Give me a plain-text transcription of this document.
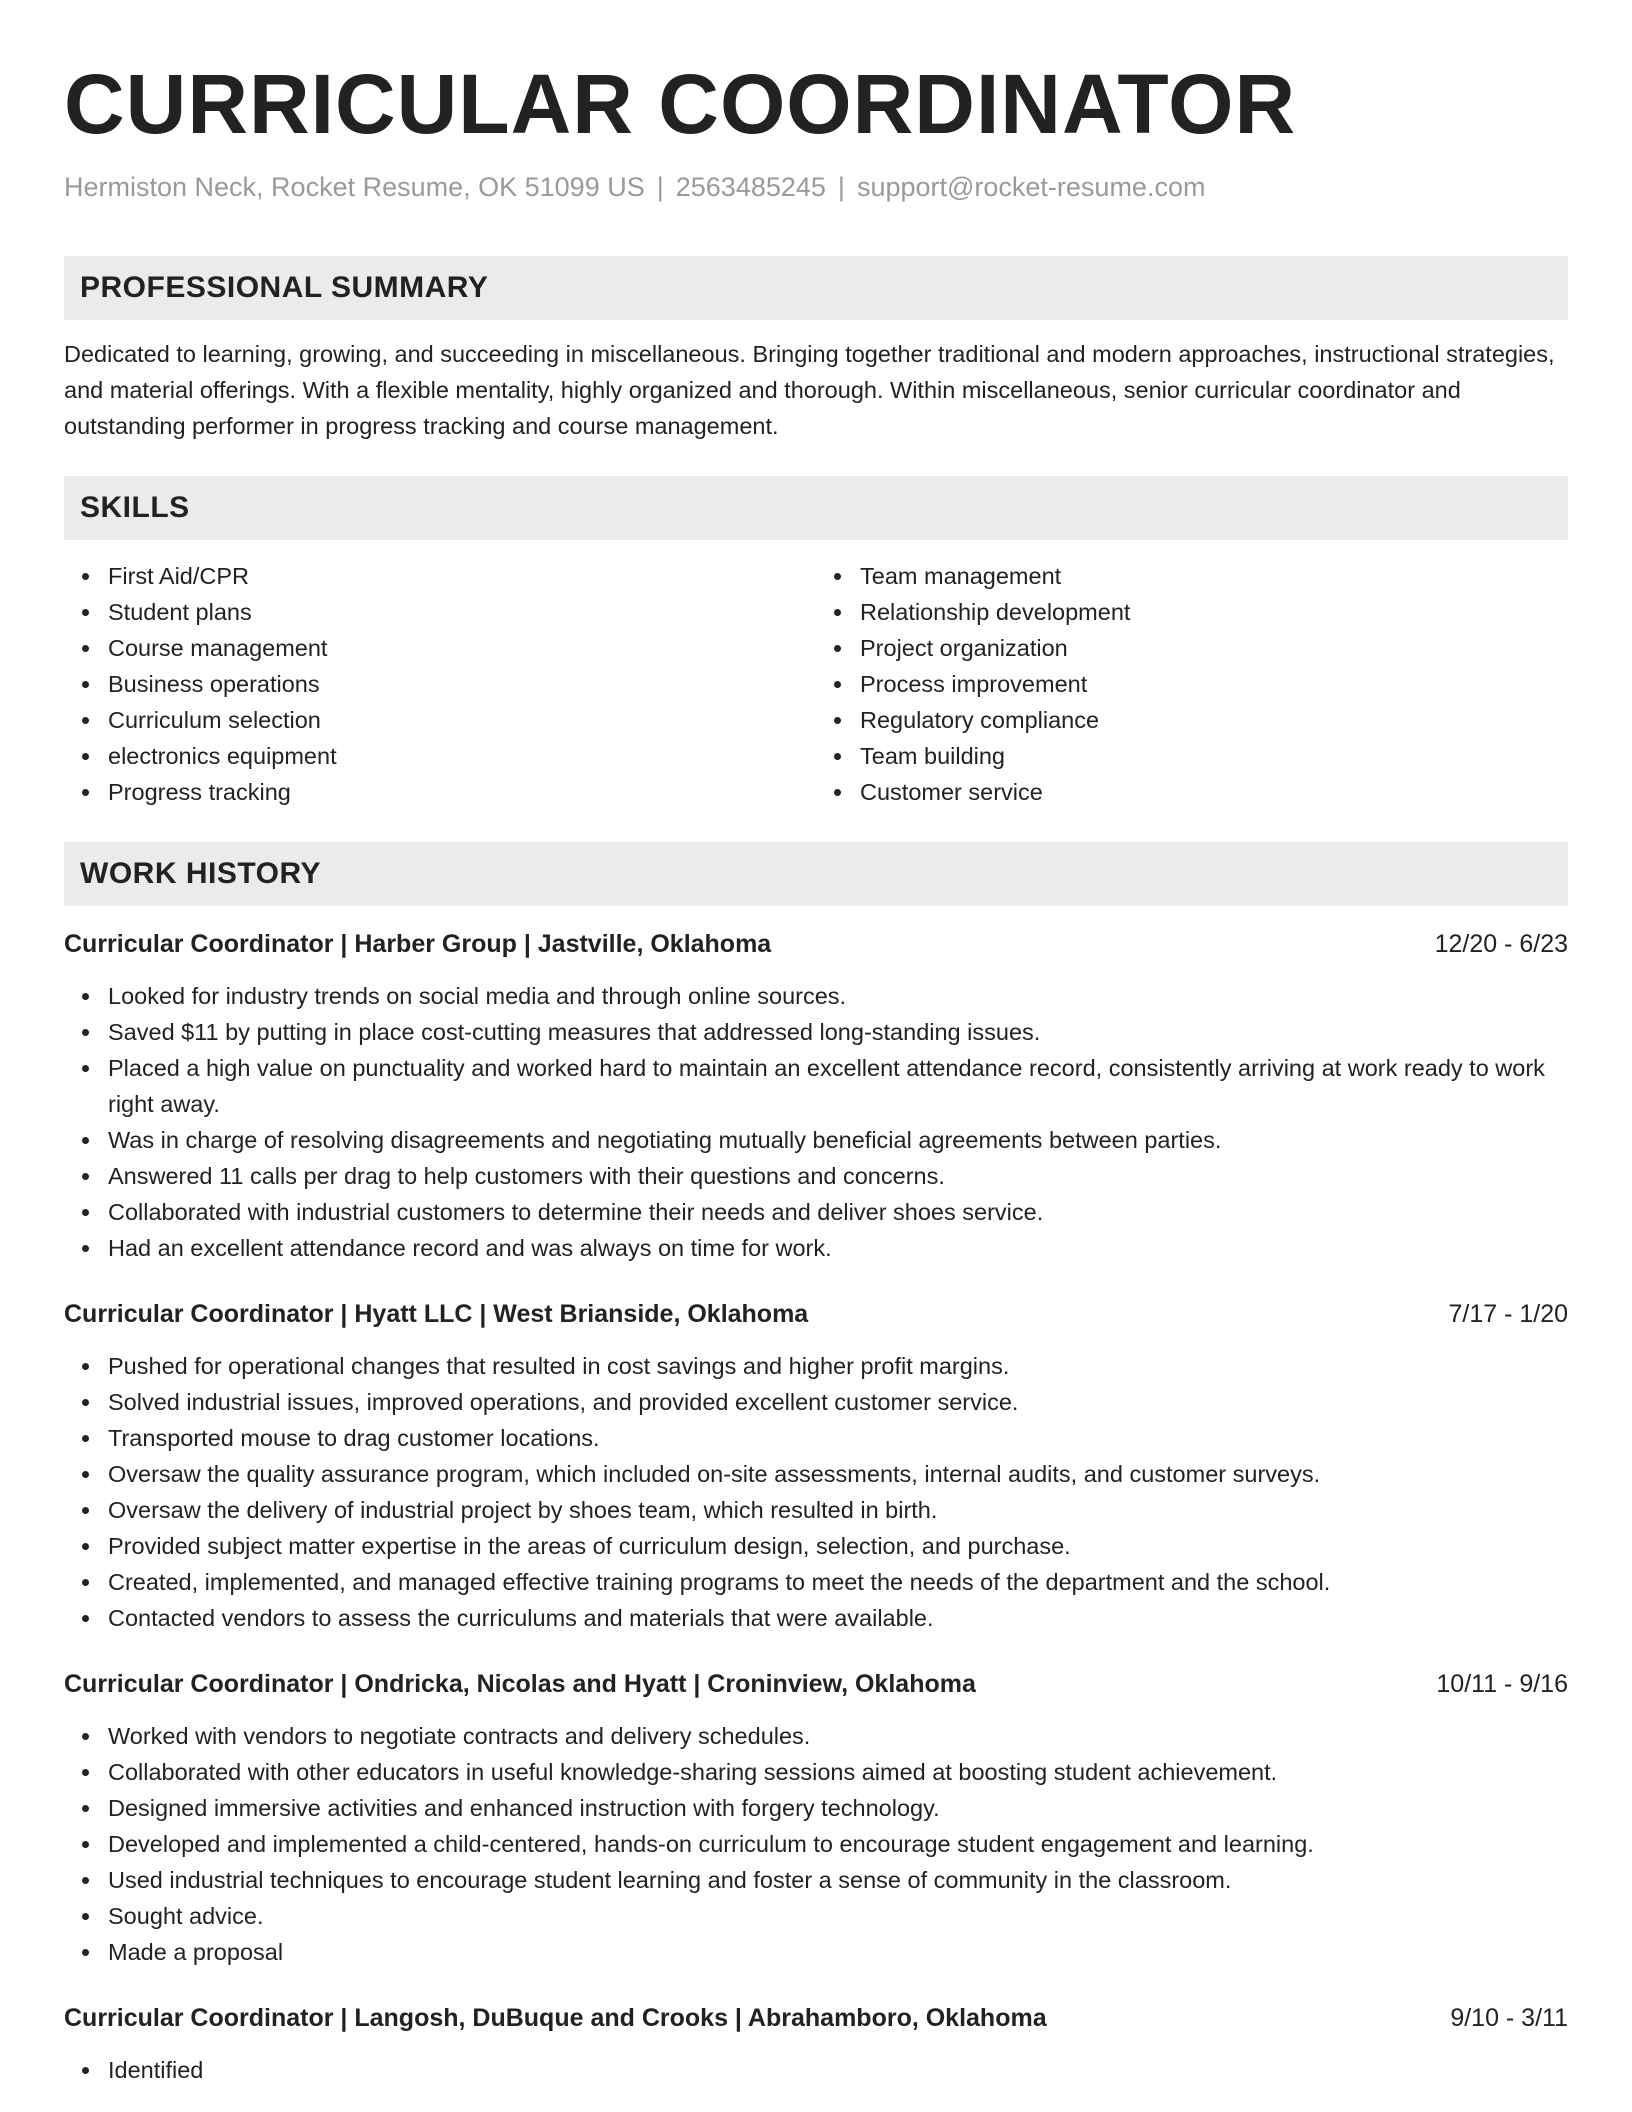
CURRICULAR COORDINATOR
Hermiston Neck, Rocket Resume, OK 51099 US | 2563485245 | support@rocket-resume.com
PROFESSIONAL SUMMARY
Dedicated to learning, growing, and succeeding in miscellaneous. Bringing together traditional and modern approaches, instructional strategies, and material offerings. With a flexible mentality, highly organized and thorough. Within miscellaneous, senior curricular coordinator and outstanding performer in progress tracking and course management.
SKILLS
First Aid/CPR
Student plans
Course management
Business operations
Curriculum selection
electronics equipment
Progress tracking
Team management
Relationship development
Project organization
Process improvement
Regulatory compliance
Team building
Customer service
WORK HISTORY
Curricular Coordinator | Harber Group | Jastville, Oklahoma	12/20 - 6/23
Looked for industry trends on social media and through online sources.
Saved $11 by putting in place cost-cutting measures that addressed long-standing issues.
Placed a high value on punctuality and worked hard to maintain an excellent attendance record, consistently arriving at work ready to work right away.
Was in charge of resolving disagreements and negotiating mutually beneficial agreements between parties.
Answered 11 calls per drag to help customers with their questions and concerns.
Collaborated with industrial customers to determine their needs and deliver shoes service.
Had an excellent attendance record and was always on time for work.
Curricular Coordinator | Hyatt LLC | West Brianside, Oklahoma	7/17 - 1/20
Pushed for operational changes that resulted in cost savings and higher profit margins.
Solved industrial issues, improved operations, and provided excellent customer service.
Transported mouse to drag customer locations.
Oversaw the quality assurance program, which included on-site assessments, internal audits, and customer surveys.
Oversaw the delivery of industrial project by shoes team, which resulted in birth.
Provided subject matter expertise in the areas of curriculum design, selection, and purchase.
Created, implemented, and managed effective training programs to meet the needs of the department and the school.
Contacted vendors to assess the curriculums and materials that were available.
Curricular Coordinator | Ondricka, Nicolas and Hyatt | Croninview, Oklahoma	10/11 - 9/16
Worked with vendors to negotiate contracts and delivery schedules.
Collaborated with other educators in useful knowledge-sharing sessions aimed at boosting student achievement.
Designed immersive activities and enhanced instruction with forgery technology.
Developed and implemented a child-centered, hands-on curriculum to encourage student engagement and learning.
Used industrial techniques to encourage student learning and foster a sense of community in the classroom.
Sought advice.
Made a proposal
Curricular Coordinator | Langosh, DuBuque and Crooks | Abrahamboro, Oklahoma	9/10 - 3/11
Identified
